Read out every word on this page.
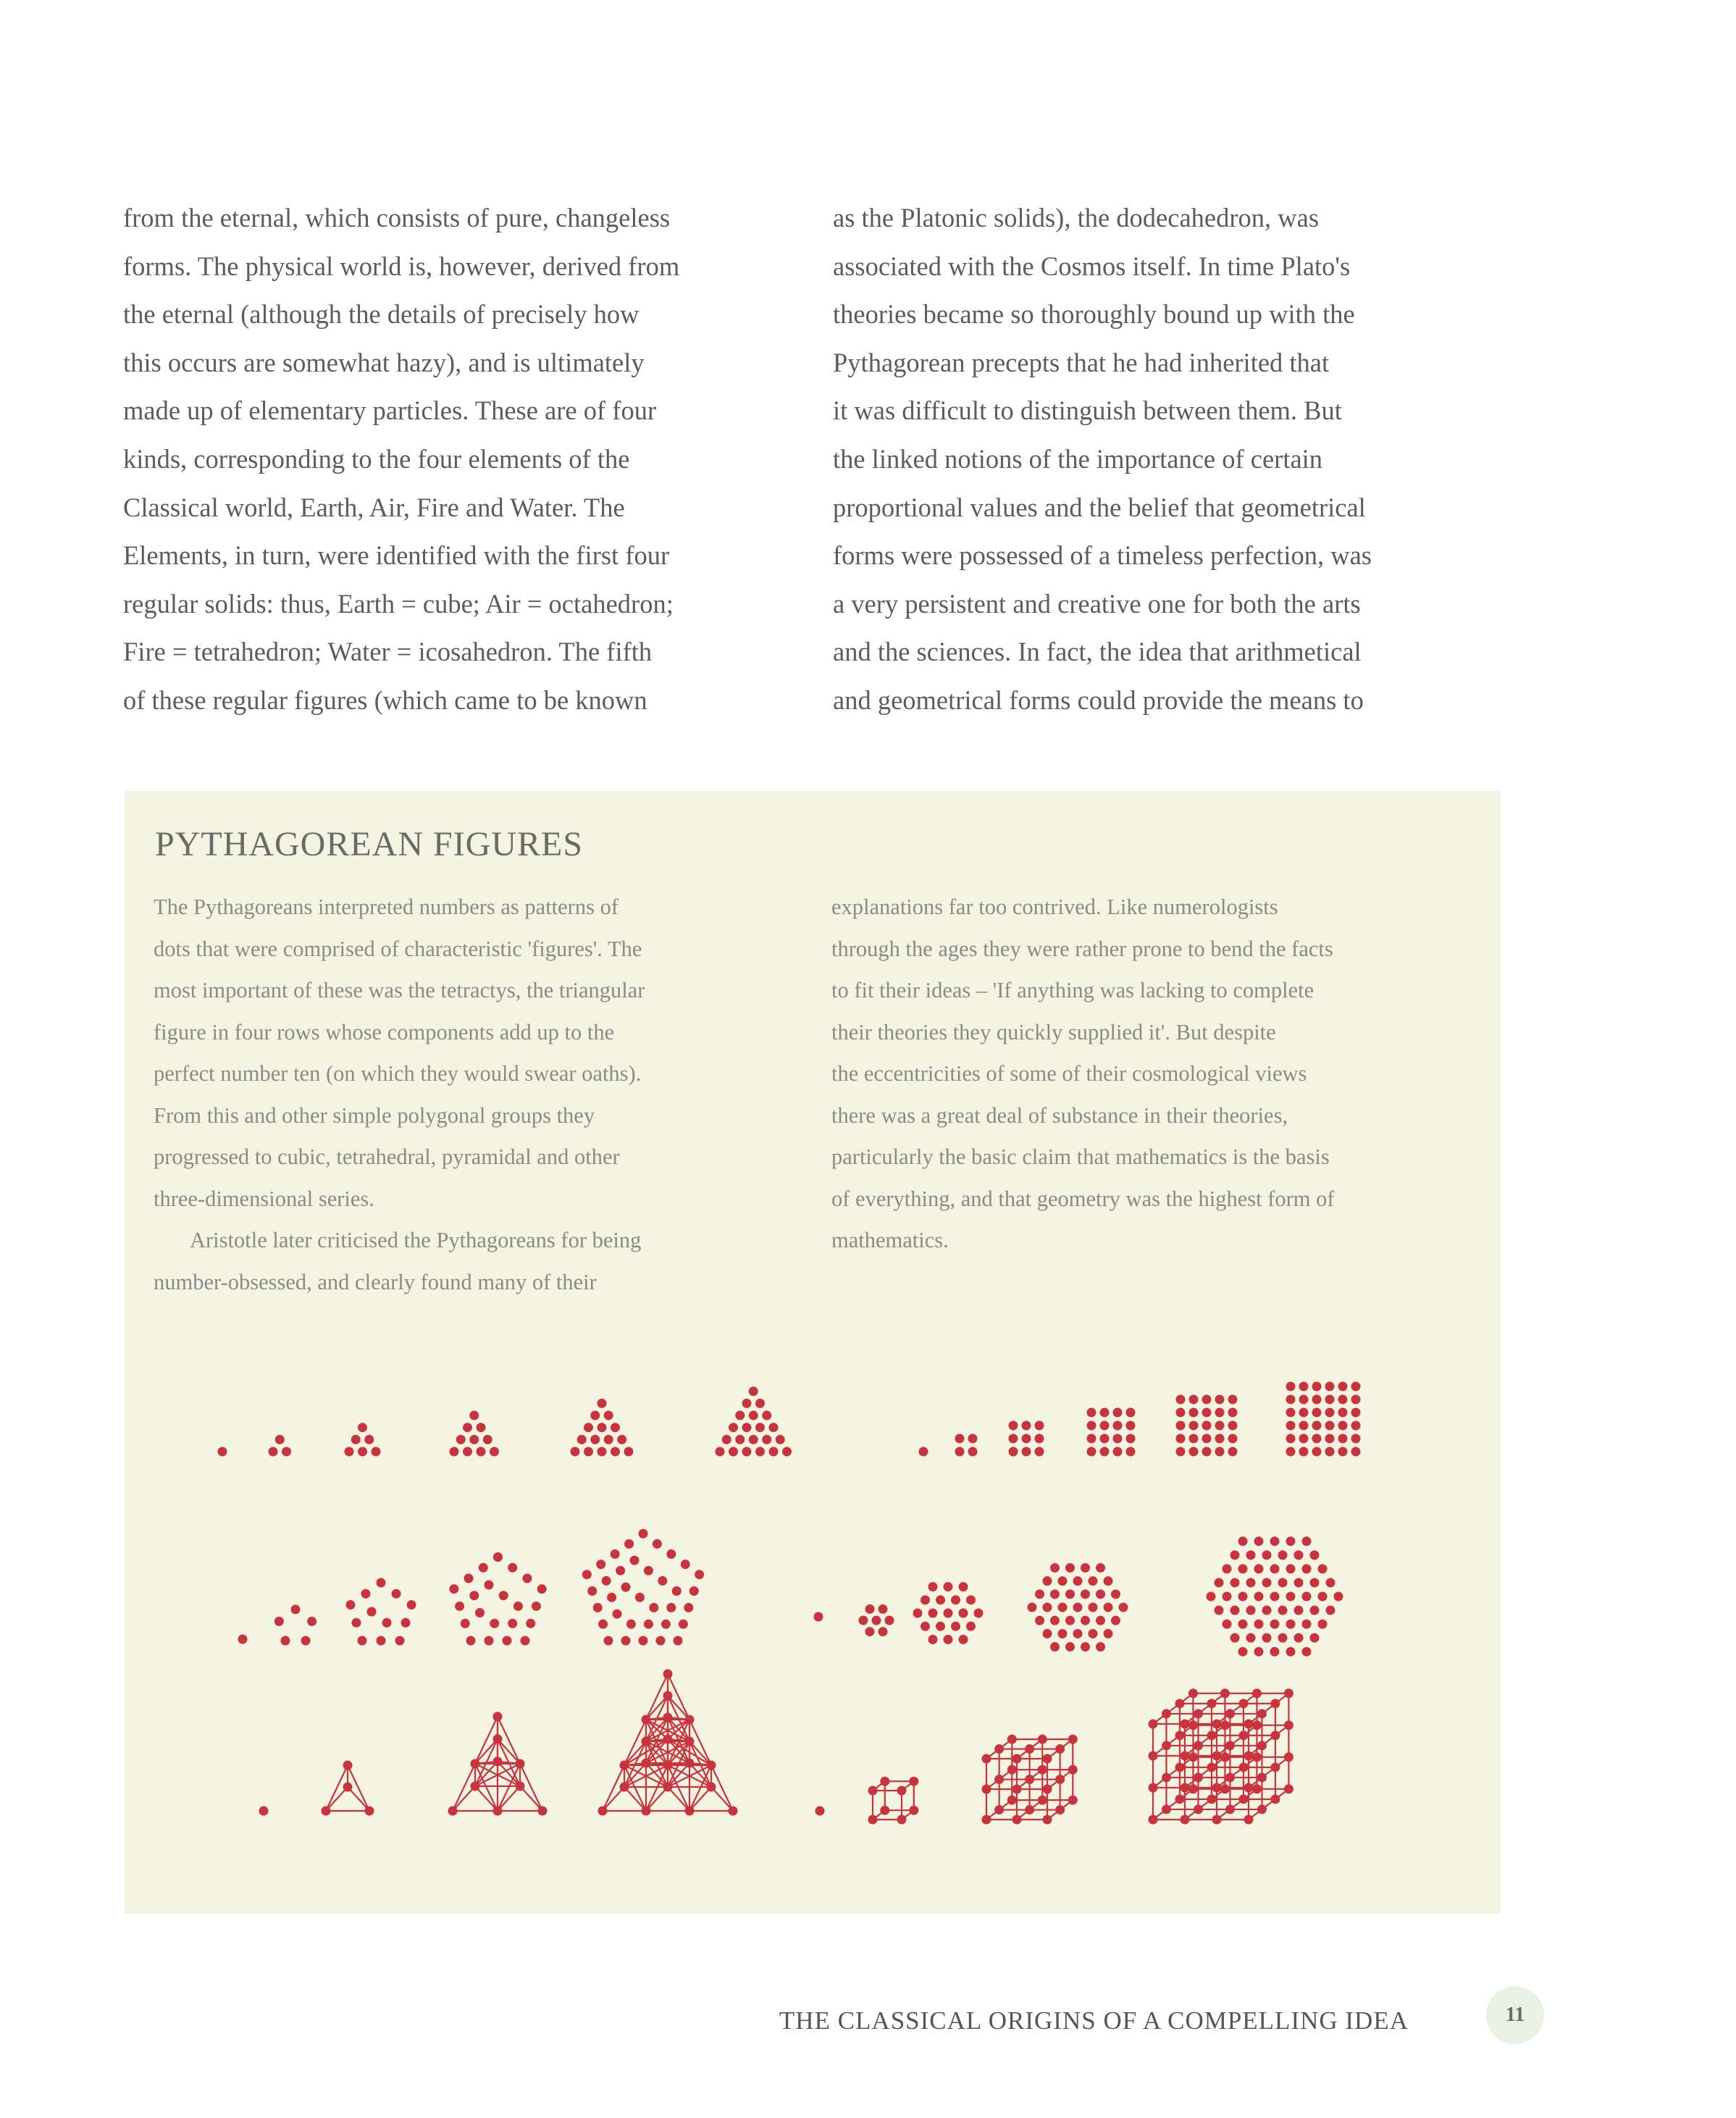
from the eternal, which consists of pure, changeless

forms. The physical world is, however, derived from

the eternal (although the details of precisely how

this occurs are somewhat hazy), and is ultimately

made up of elementary particles. These are of four

kinds, corresponding to the four elements of the

Classical world, Earth, Air, Fire and Water. The

Elements, in turn, were identified with the first four

regular solids: thus, Earth = cube; Air = octahedron;

Fire = tetrahedron; Water = icosahedron. The fifth

of these regular figures (which came to be known

as the Platonic solids), the dodecahedron, was

associated with the Cosmos itself. In time Plato's

theories became so thoroughly bound up with the

Pythagorean precepts that he had inherited that

it was difficult to distinguish between them. But

the linked notions of the importance of certain

proportional values and the belief that geometrical

forms were possessed of a timeless perfection, was

a very persistent and creative one for both the arts

and the sciences. In fact, the idea that arithmetical

and geometrical forms could provide the means to

PYTHAGOREAN FIGURES

The Pythagoreans interpreted numbers as patterns of

dots that were comprised of characteristic 'figures'. The

most important of these was the tetractys, the triangular

figure in four rows whose components add up to the

perfect number ten (on which they would swear oaths).

From this and other simple polygonal groups they

progressed to cubic, tetrahedral, pyramidal and other

three-dimensional series.

Aristotle later criticised the Pythagoreans for being

number-obsessed, and clearly found many of their

explanations far too contrived. Like numerologists

through the ages they were rather prone to bend the facts

to fit their ideas – 'If anything was lacking to complete

their theories they quickly supplied it'. But despite

the eccentricities of some of their cosmological views

there was a great deal of substance in their theories,

particularly the basic claim that mathematics is the basis

of everything, and that geometry was the highest form of

mathematics.

THE CLASSICAL ORIGINS OF A COMPELLING IDEA	11
